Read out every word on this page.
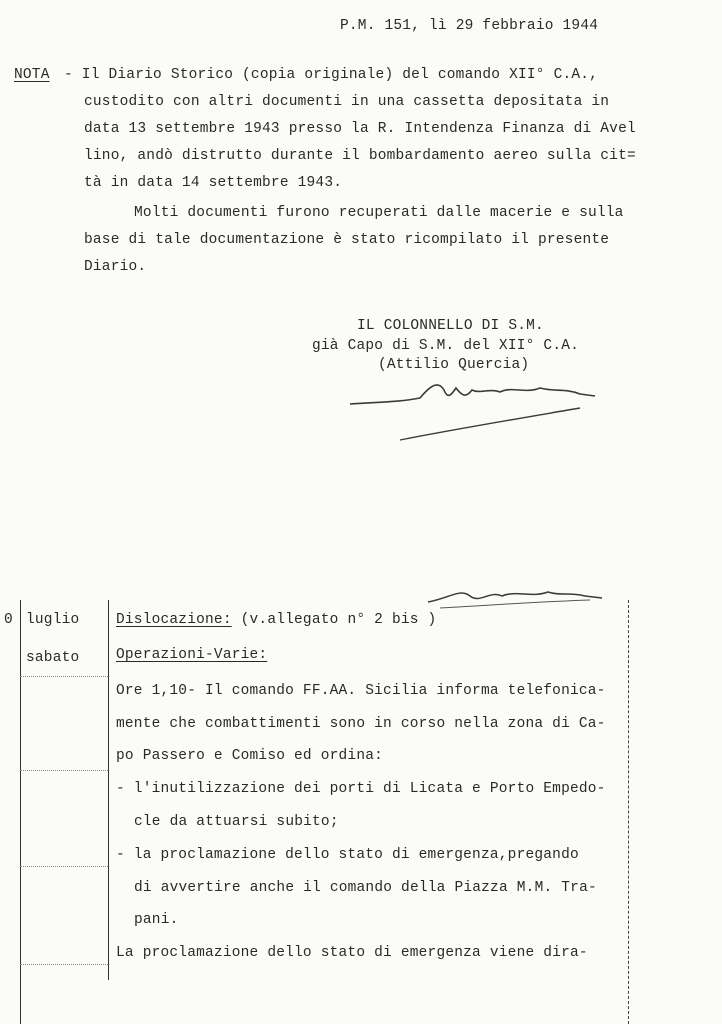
P.M. 151, lì 29 febbraio 1944
NOTA - Il Diario Storico (copia originale) del comando XII° C.A.,
custodito con altri documenti in una cassetta depositata in
data 13 settembre 1943 presso la R. Intendenza Finanza di Avel
lino, andò distrutto durante il bombardamento aereo sulla cit=
tà in data 14 settembre 1943.
Molti documenti furono recuperati dalle macerie e sulla
base di tale documentazione è stato ricompilato il presente
Diario.
IL COLONNELLO DI S.M.
già Capo di S.M. del XII° C.A.
(Attilio Quercia)
0 luglio
sabato
Dislocazione: (v.allegato n° 2 bis )
Operazioni-Varie:
Ore 1,10- Il comando FF.AA. Sicilia informa telefonica-
mente che combattimenti sono in corso nella zona di Ca-
po Passero e Comiso ed ordina:
- l'inutilizzazione dei porti di Licata e Porto Empedo-
cle da attuarsi subito;
- la proclamazione dello stato di emergenza,pregando
di avvertire anche il comando della Piazza M.M. Tra-
pani.
La proclamazione dello stato di emergenza viene dira-
